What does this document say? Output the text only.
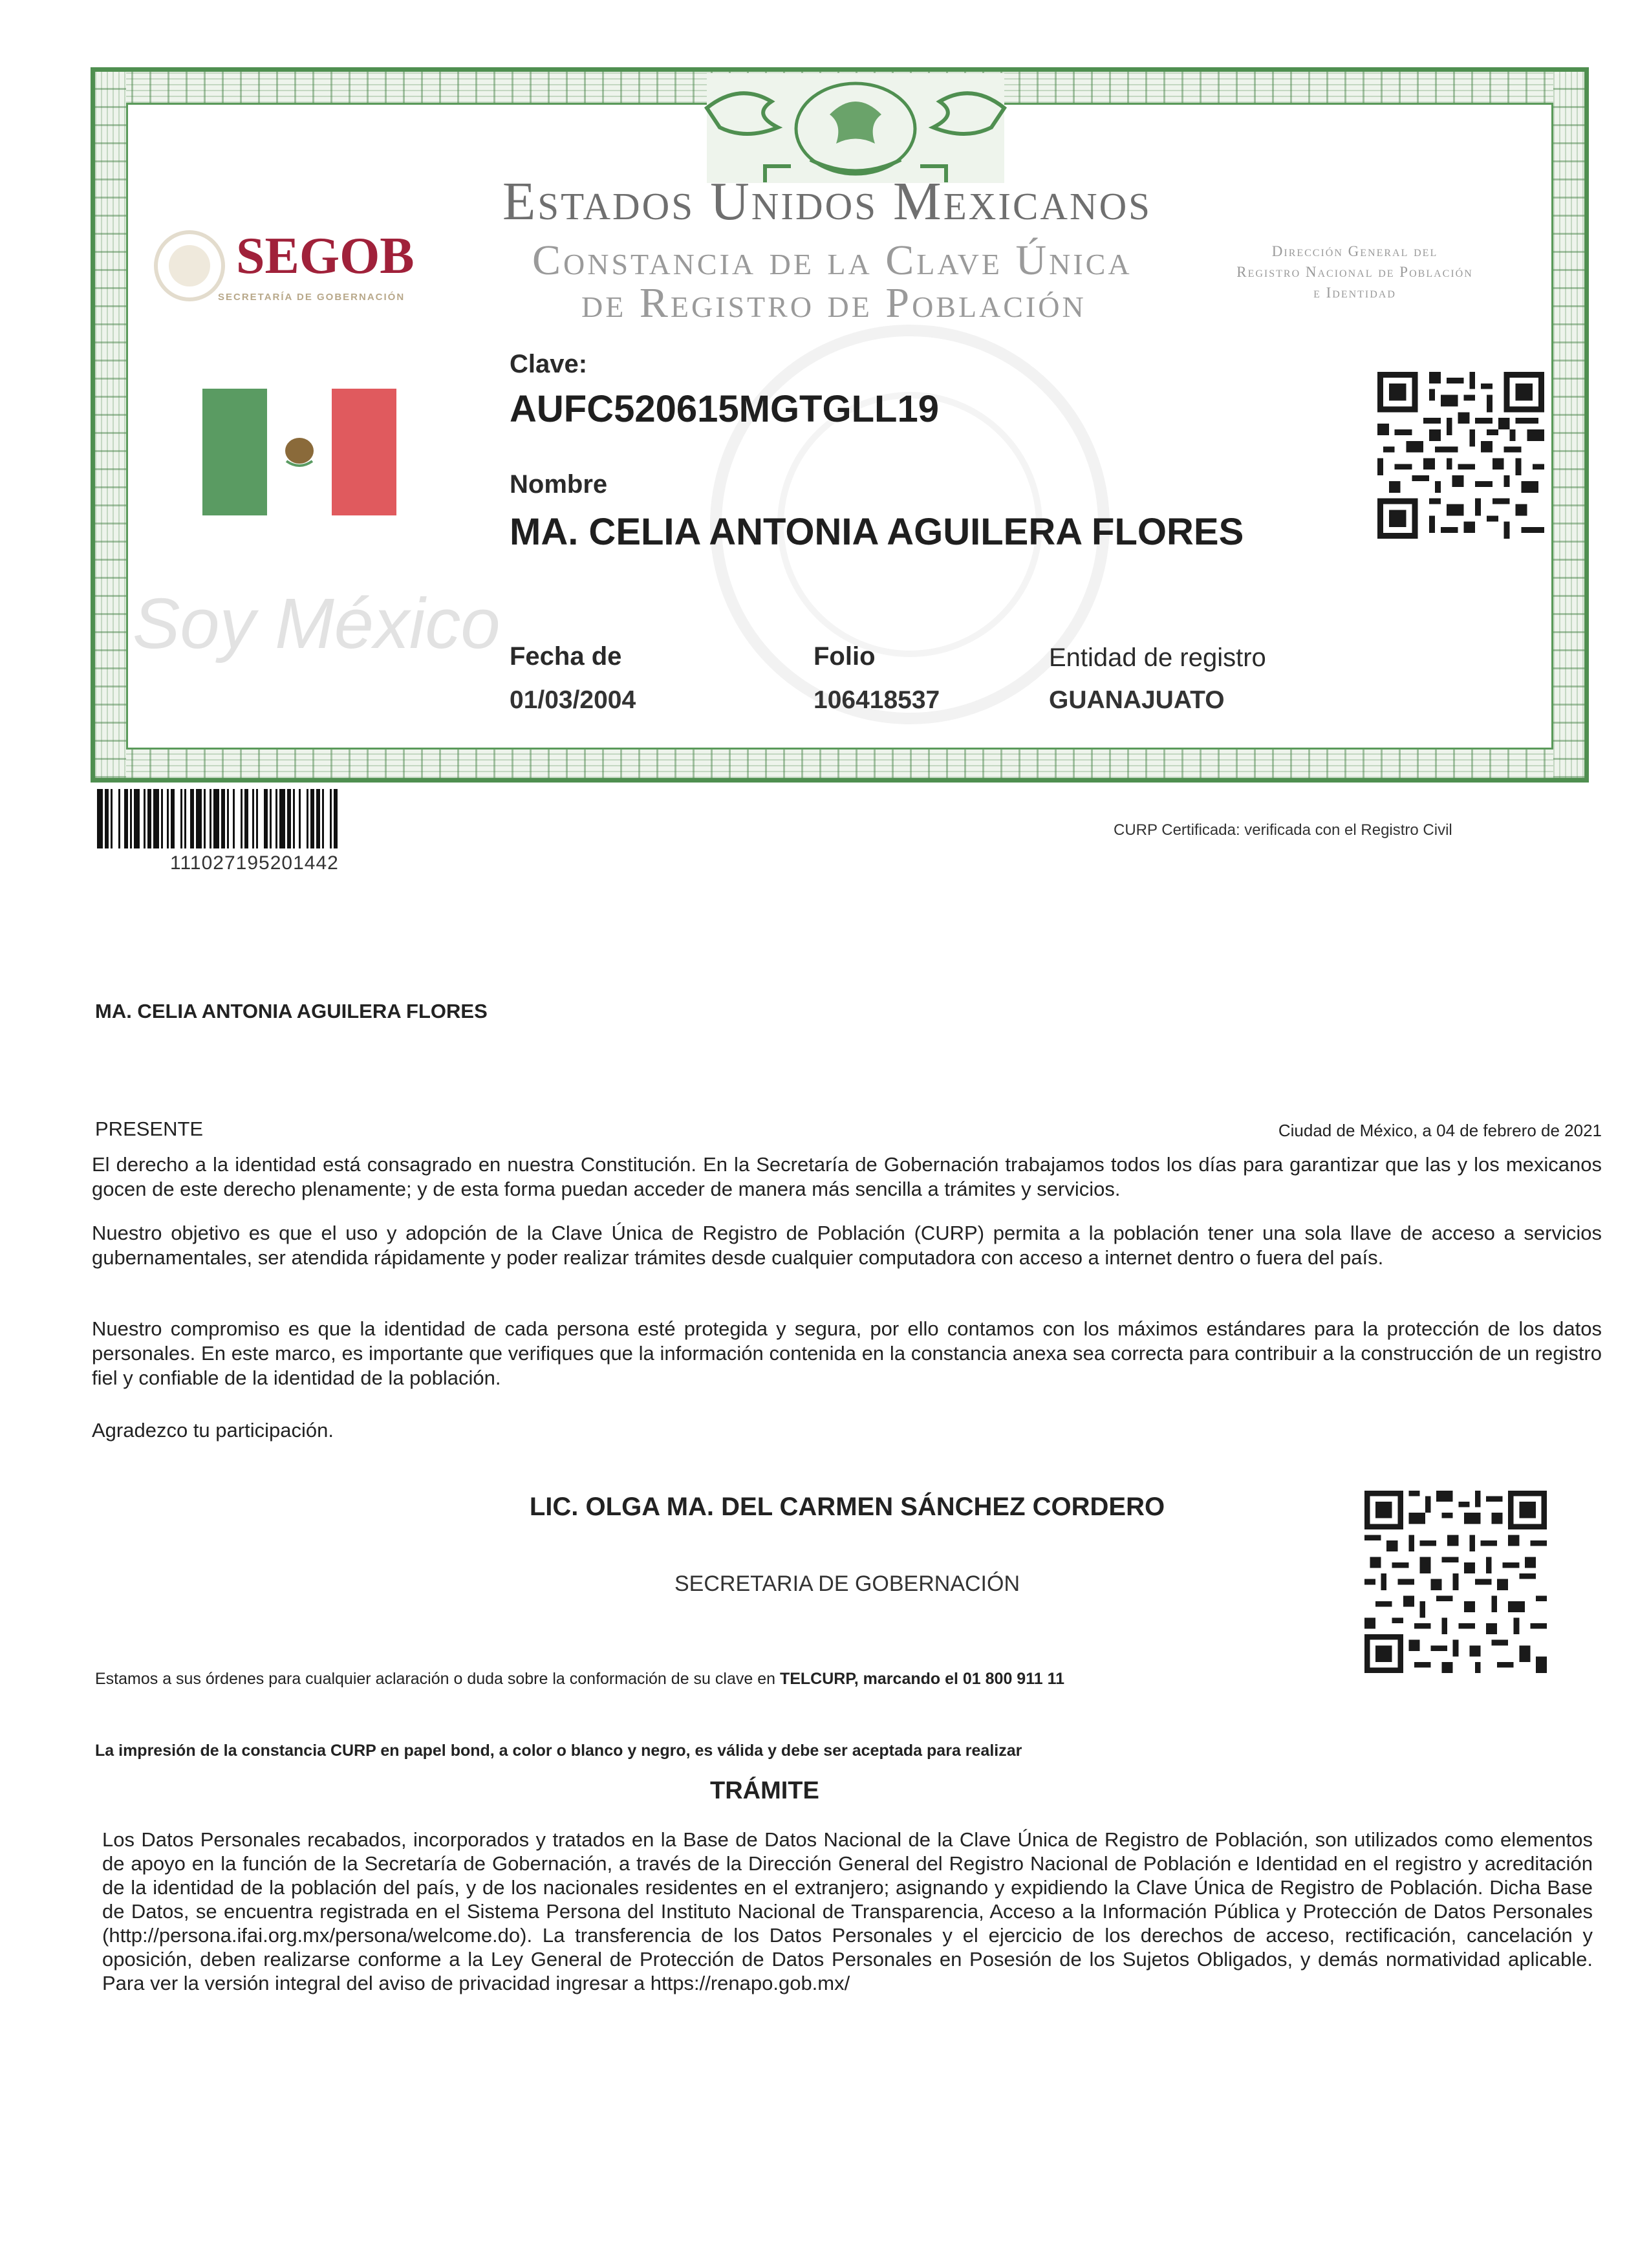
SEGOB
SECRETARÍA DE GOBERNACIÓN
Estados Unidos Mexicanos
Constancia de la Clave Única
de Registro de Población
Dirección General del
Registro Nacional de Población
e Identidad
Soy México
Clave:
AUFC520615MGTGLL19
Nombre
MA. CELIA ANTONIA AGUILERA FLORES
Fecha de
01/03/2004
Folio
106418537
Entidad de registro
GUANAJUATO
111027195201442
CURP Certificada: verificada con el Registro Civil
MA. CELIA ANTONIA AGUILERA FLORES
PRESENTE	Ciudad de México, a 04 de febrero de 2021
El derecho a la identidad está consagrado en nuestra Constitución. En la Secretaría de Gobernación trabajamos todos los días para garantizar que las y los mexicanos gocen de este derecho plenamente; y de esta forma puedan acceder de manera más sencilla a trámites y servicios.
Nuestro objetivo es que el uso y adopción de la Clave Única de Registro de Población (CURP) permita a la población tener una sola llave de acceso a servicios gubernamentales, ser atendida rápidamente y poder realizar trámites desde cualquier computadora con acceso a internet dentro o fuera del país.
Nuestro compromiso es que la identidad de cada persona esté protegida y segura, por ello contamos con los máximos estándares para la protección de los datos personales. En este marco, es importante que verifiques que la información contenida en la constancia anexa sea correcta para contribuir a la construcción de un registro fiel y confiable de la identidad de la población.
Agradezco tu participación.
LIC. OLGA MA. DEL CARMEN SÁNCHEZ CORDERO
SECRETARIA DE GOBERNACIÓN
Estamos a sus órdenes para cualquier aclaración o duda sobre la conformación de su clave en TELCURP, marcando el 01 800 911 11
La impresión de la constancia CURP en papel bond, a color o blanco y negro, es válida y debe ser aceptada para realizar
TRÁMITE
Los Datos Personales recabados, incorporados y tratados en la Base de Datos Nacional de la Clave Única de Registro de Población, son utilizados como elementos de apoyo en la función de la Secretaría de Gobernación, a través de la Dirección General del Registro Nacional de Población e Identidad en el registro y acreditación de la identidad de la población del país, y de los nacionales residentes en el extranjero; asignando y expidiendo la Clave Única de Registro de Población. Dicha Base de Datos, se encuentra registrada en el Sistema Persona del Instituto Nacional de Transparencia, Acceso a la Información Pública y Protección de Datos Personales (http://persona.ifai.org.mx/persona/welcome.do). La transferencia de los Datos Personales y el ejercicio de los derechos de acceso, rectificación, cancelación y oposición, deben realizarse conforme a la Ley General de Protección de Datos Personales en Posesión de los Sujetos Obligados, y demás normatividad aplicable. Para ver la versión integral del aviso de privacidad ingresar a https://renapo.gob.mx/
